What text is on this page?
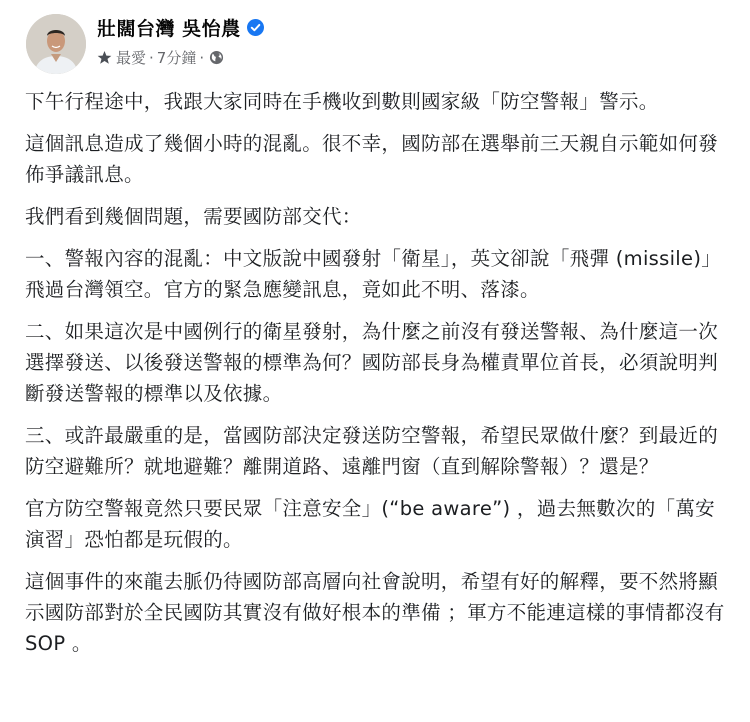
壯闊台灣 吳怡農
最愛 · 7分鐘 ·

下午行程途中，我跟大家同時在手機收到數則國家級「防空警報」警示。

這個訊息造成了幾個小時的混亂。很不幸，國防部在選舉前三天親自示範如何發佈爭議訊息。

我們看到幾個問題，需要國防部交代：

一、警報內容的混亂：中文版說中國發射「衛星」，英文卻說「飛彈 (missile)」飛過台灣領空。官方的緊急應變訊息，竟如此不明、落漆。

二、如果這次是中國例行的衛星發射，為什麼之前沒有發送警報、為什麼這一次選擇發送、以後發送警報的標準為何？國防部長身為權責單位首長，必須說明判斷發送警報的標準以及依據。

三、或許最嚴重的是，當國防部決定發送防空警報，希望民眾做什麼？到最近的防空避難所？就地避難？離開道路、遠離門窗（直到解除警報）？還是？

官方防空警報竟然只要民眾「注意安全」(“be aware”) ，過去無數次的「萬安演習」恐怕都是玩假的。

這個事件的來龍去脈仍待國防部高層向社會說明，希望有好的解釋，要不然將顯示國防部對於全民國防其實沒有做好根本的準備 ；軍方不能連這樣的事情都沒有 SOP 。
